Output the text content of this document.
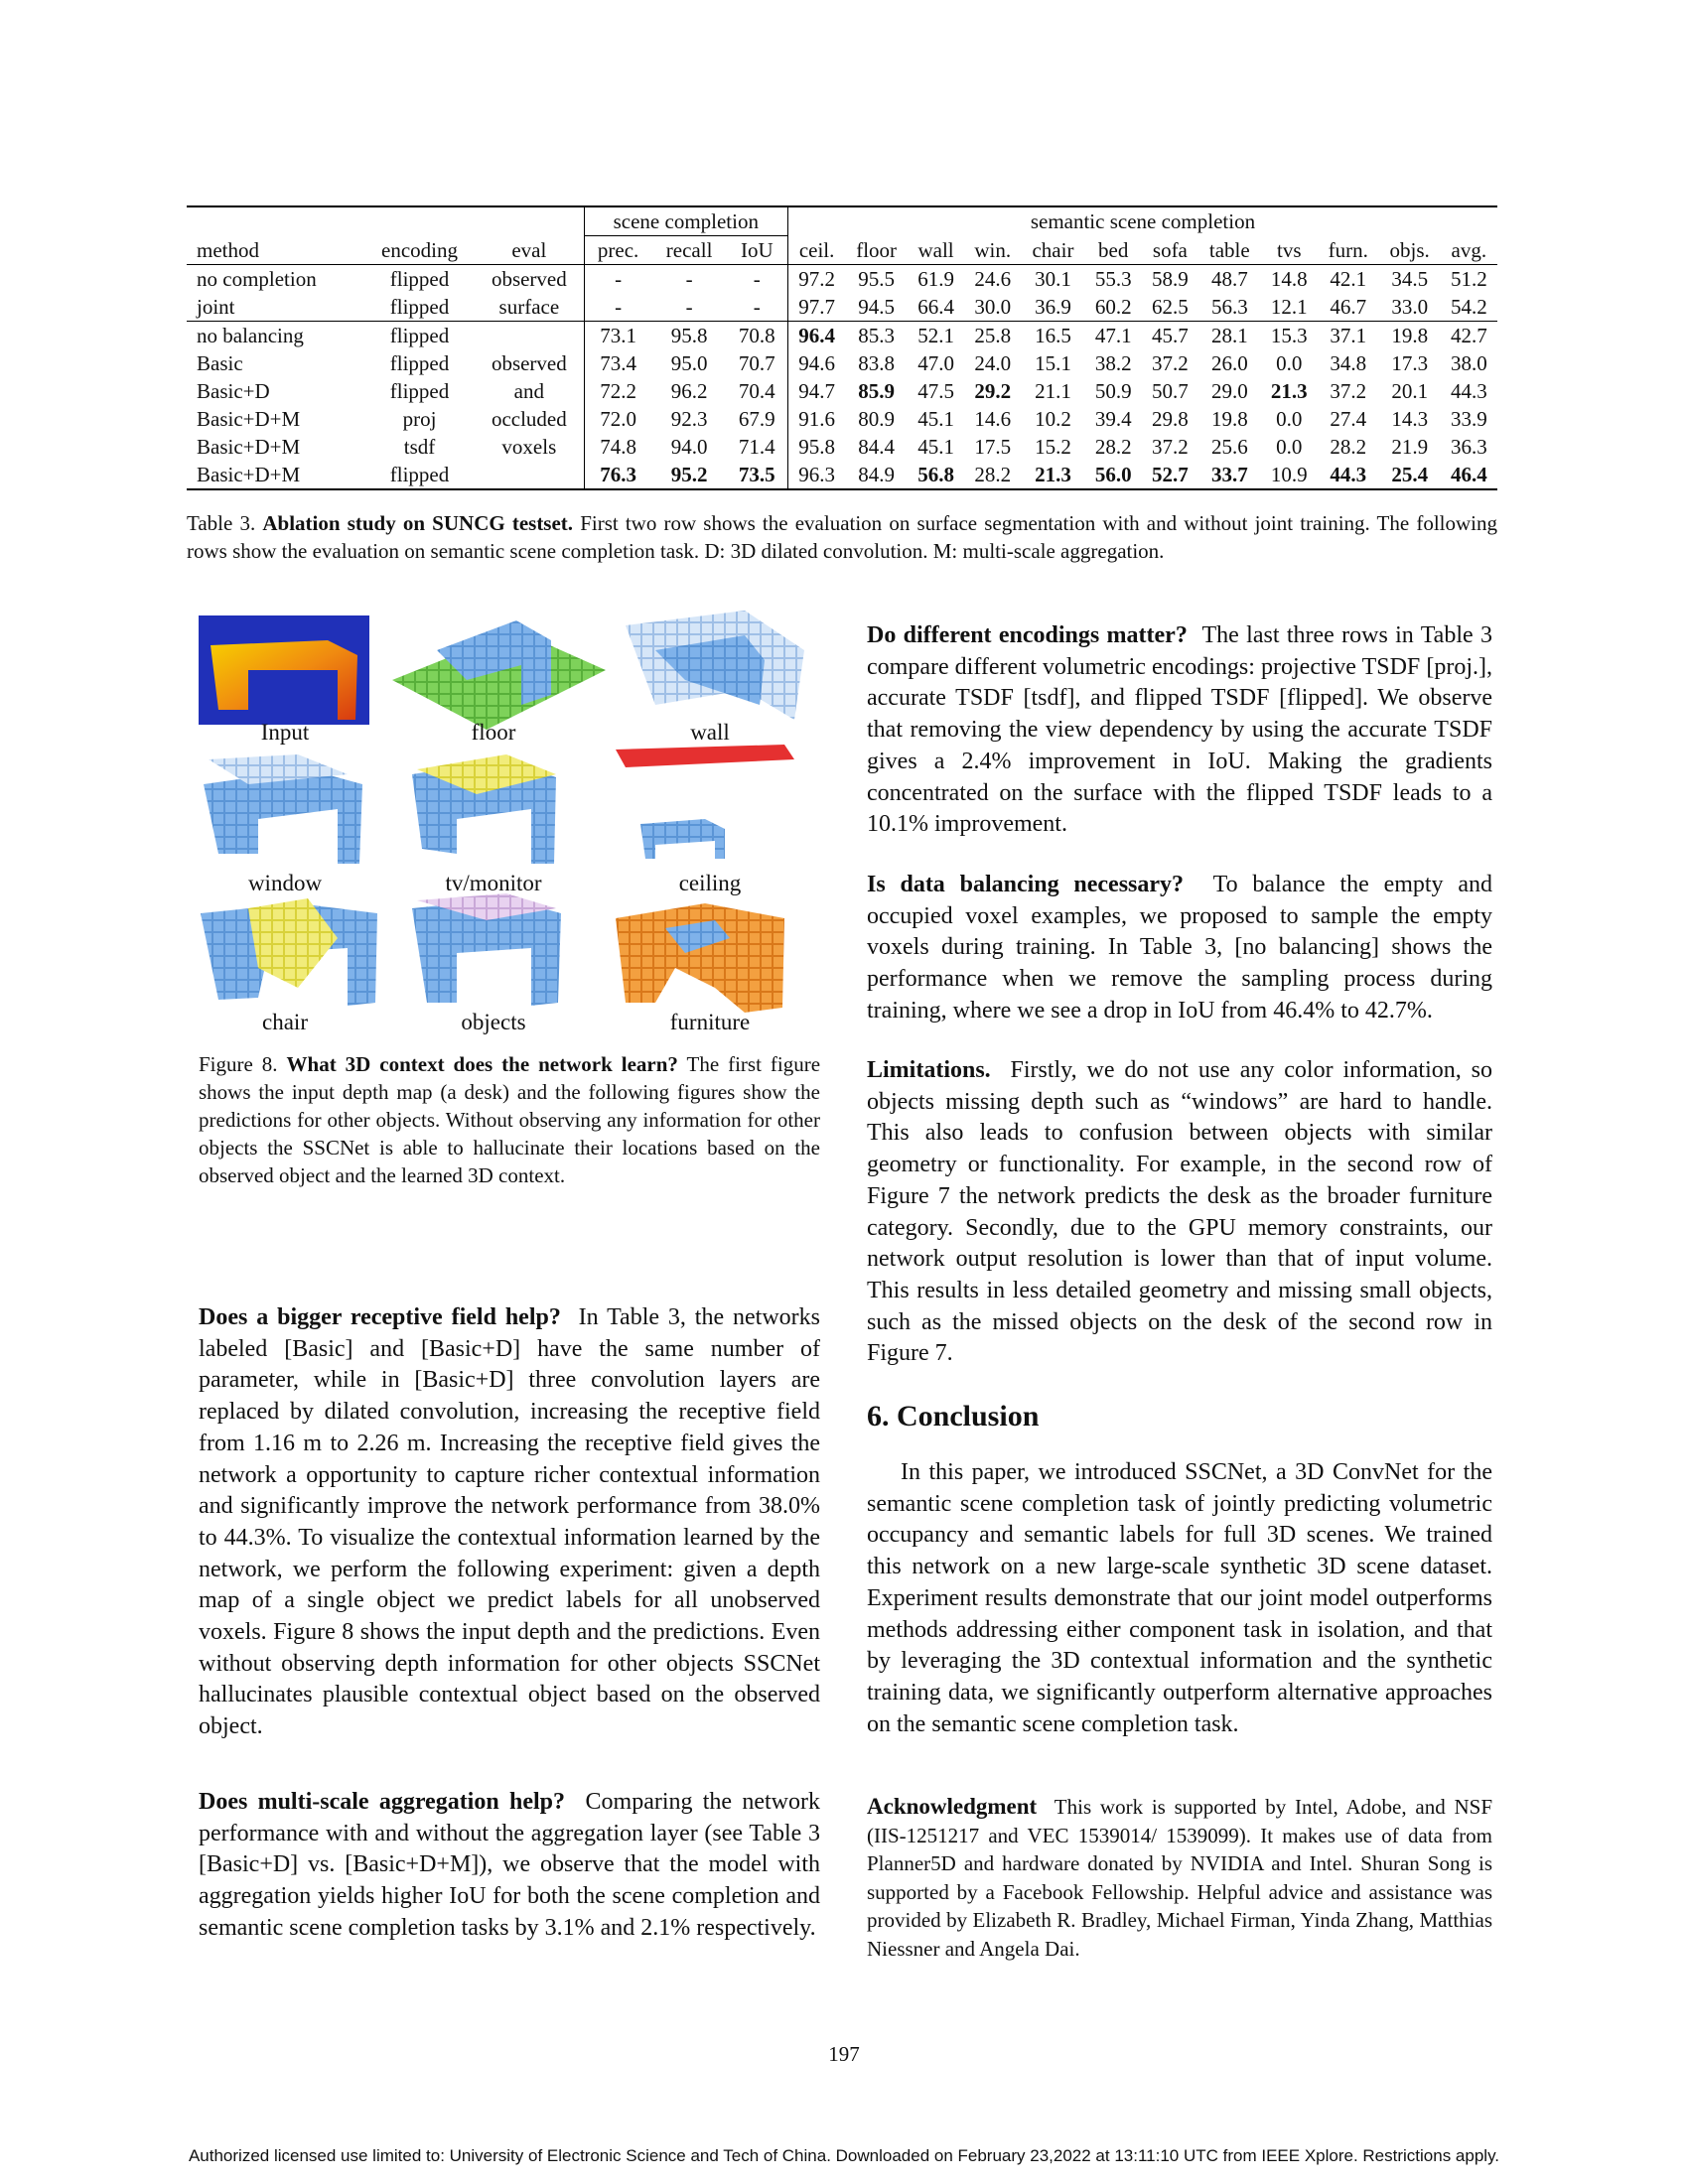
			scene completion			semantic scene completion											
method	encoding	eval	prec.	recall	IoU	ceil.	floor	wall	win.	chair	bed	sofa	table	tvs	furn.	objs.	avg.
no completion	flipped	observed	-	-	-	97.2	95.5	61.9	24.6	30.1	55.3	58.9	48.7	14.8	42.1	34.5	51.2
joint	flipped	surface	-	-	-	97.7	94.5	66.4	30.0	36.9	60.2	62.5	56.3	12.1	46.7	33.0	54.2
no balancing	flipped		73.1	95.8	70.8	96.4	85.3	52.1	25.8	16.5	47.1	45.7	28.1	15.3	37.1	19.8	42.7
Basic	flipped	observed	73.4	95.0	70.7	94.6	83.8	47.0	24.0	15.1	38.2	37.2	26.0	0.0	34.8	17.3	38.0
Basic+D	flipped	and	72.2	96.2	70.4	94.7	85.9	47.5	29.2	21.1	50.9	50.7	29.0	21.3	37.2	20.1	44.3
Basic+D+M	proj	occluded	72.0	92.3	67.9	91.6	80.9	45.1	14.6	10.2	39.4	29.8	19.8	0.0	27.4	14.3	33.9
Basic+D+M	tsdf	voxels	74.8	94.0	71.4	95.8	84.4	45.1	17.5	15.2	28.2	37.2	25.6	0.0	28.2	21.9	36.3
Basic+D+M	flipped		76.3	95.2	73.5	96.3	84.9	56.8	28.2	21.3	56.0	52.7	33.7	10.9	44.3	25.4	46.4
Table 3. Ablation study on SUNCG testset. First two row shows the evaluation on surface segmentation with and without joint training. The following rows show the evaluation on semantic scene completion task. D: 3D dilated convolution. M: multi-scale aggregation.
Input	floor	wall
window	tv/monitor	ceiling
chair	objects	furniture
Figure 8. What 3D context does the network learn? The first figure shows the input depth map (a desk) and the following figures show the predictions for other objects. Without observing any information for other objects the SSCNet is able to hallucinate their locations based on the observed object and the learned 3D context.
Does a bigger receptive field help? In Table 3, the networks labeled [Basic] and [Basic+D] have the same number of parameter, while in [Basic+D] three convolution layers are replaced by dilated convolution, increasing the receptive field from 1.16 m to 2.26 m. Increasing the receptive field gives the network a opportunity to capture richer contextual information and significantly improve the network performance from 38.0% to 44.3%. To visualize the contextual information learned by the network, we perform the following experiment: given a depth map of a single object we predict labels for all unobserved voxels. Figure 8 shows the input depth and the predictions. Even without observing depth information for other objects SSCNet hallucinates plausible contextual object based on the observed object.
Does multi-scale aggregation help? Comparing the network performance with and without the aggregation layer (see Table 3 [Basic+D] vs. [Basic+D+M]), we observe that the model with aggregation yields higher IoU for both the scene completion and semantic scene completion tasks by 3.1% and 2.1% respectively.
Do different encodings matter? The last three rows in Table 3 compare different volumetric encodings: projective TSDF [proj.], accurate TSDF [tsdf], and flipped TSDF [flipped]. We observe that removing the view dependency by using the accurate TSDF gives a 2.4% improvement in IoU. Making the gradients concentrated on the surface with the flipped TSDF leads to a 10.1% improvement.
Is data balancing necessary? To balance the empty and occupied voxel examples, we proposed to sample the empty voxels during training. In Table 3, [no balancing] shows the performance when we remove the sampling process during training, where we see a drop in IoU from 46.4% to 42.7%.
Limitations. Firstly, we do not use any color information, so objects missing depth such as “windows” are hard to handle. This also leads to confusion between objects with similar geometry or functionality. For example, in the second row of Figure 7 the network predicts the desk as the broader furniture category. Secondly, due to the GPU memory constraints, our network output resolution is lower than that of input volume. This results in less detailed geometry and missing small objects, such as the missed objects on the desk of the second row in Figure 7.
6. Conclusion
In this paper, we introduced SSCNet, a 3D ConvNet for the semantic scene completion task of jointly predicting volumetric occupancy and semantic labels for full 3D scenes. We trained this network on a new large-scale synthetic 3D scene dataset. Experiment results demonstrate that our joint model outperforms methods addressing either component task in isolation, and that by leveraging the 3D contextual information and the synthetic training data, we significantly outperform alternative approaches on the semantic scene completion task.
Acknowledgment This work is supported by Intel, Adobe, and NSF (IIS-1251217 and VEC 1539014/ 1539099). It makes use of data from Planner5D and hardware donated by NVIDIA and Intel. Shuran Song is supported by a Facebook Fellowship. Helpful advice and assistance was provided by Elizabeth R. Bradley, Michael Firman, Yinda Zhang, Matthias Niessner and Angela Dai.
197
Authorized licensed use limited to: University of Electronic Science and Tech of China. Downloaded on February 23,2022 at 13:11:10 UTC from IEEE Xplore. Restrictions apply.
